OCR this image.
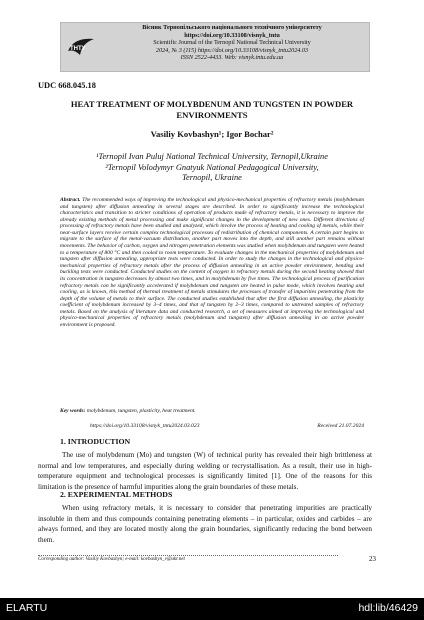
ТНТУ
Вісник Тернопільського національного технічного університету
https://doi.org/10.33108/visnyk_tntu
Scientific Journal of the Ternopil National Technical University
2024, № 3 (115) https://doi.org/10.33108/visnyk_tntu2024.03
ISSN 2522-4433. Web: visnyk.tntu.edu.ua
UDC 668.045.18
HEAT TREATMENT OF MOLYBDENUM AND TUNGSTEN IN POWDER ENVIRONMENTS
Vasiliy Kovbashyn¹; Igor Bochar²
¹Ternopil Ivan Puluj National Technical University, Ternopil,Ukraine
²Ternopil Volodymyr Gnatyuk National Pedagogical University,
Ternopil, Ukraine
Abstract. The recommended ways of improving the technological and physico-mechanical properties of refractory metals (molybdenum and tungsten) after diffusion annealing in several stages are described. In order to significantly increase the technological characteristics and transition to stricter conditions of operation of products made of refractory metals, it is necessary to improve the already existing methods of metal processing and make significant changes in the development of new ones. Different directions of processing of refractory metals have been studied and analyzed, which involve the process of heating and cooling of metals, while their near-surface layers receive certain complex technological processes of redistribution of chemical components. A certain part begins to migrate to the surface of the metal-vacuum distribution, another part moves into the depth, and still another part remains without movements. The behavior of carbon, oxygen and nitrogen penetration elements was studied when molybdenum and tungsten were heated to a temperature of 800 °C and then cooled to room temperature. To evaluate changes in the mechanical properties of molybdenum and tungsten after diffusion annealing, appropriate tests were conducted. In order to study the changes in the technological and physico-mechanical properties of refractory metals after the process of diffusion annealing in an active powder environment, bending and buckling tests were conducted. Conducted studies on the content of oxygen in refractory metals during the second heating showed that its concentration in tungsten decreases by almost two times, and in molybdenum by five times. The technological process of purification refractory metals can be significantly accelerated if molybdenum and tungsten are heated in pulse mode, which involves heating and cooling, as is known, this method of thermal treatment of metals stimulates the processes of transfer of impurities penetrating from the depth of the volume of metals to their surface. The conducted studies established that after the first diffusion annealing, the plasticity coefficient of molybdenum increased by 3–4 times, and that of tungsten by 2–3 times, compared to untreated samples of refractory metals. Based on the analysis of literature data and conducted research, a set of measures aimed at improving the technological and physico-mechanical properties of refractory metals (molybdenum and tungsten) after diffusion annealing in an active powder environment is proposed.
Key words: molybdenum, tungsten, plasticity, heat treatment.
https://doi.org/10.33108/visnyk_tntu2024.03.023	Received 21.07.2024
1. INTRODUCTION
The use of molybdenum (Mo) and tungsten (W) of technical purity has revealed their high brittleness at normal and low temperatures, and especially during welding or recrystallisation. As a result, their use in high-temperature equipment and technological processes is significantly limited [1]. One of the reasons for this limitation is the presence of harmful impurities along the grain boundaries of these metals.
2. EXPERIMENTAL METHODS
When using refractory metals, it is necessary to consider that penetrating impurities are practically insoluble in them and thus compounds containing penetrating elements – in particular, oxides and carbides – are always formed, and they are located mostly along the grain boundaries, significantly reducing the bond between them.
Corresponding author: Vasiliy Kovbashyn; e-mail: kovbashyn_v@ukr.net	23
ELARTU	hdl:lib/46429
